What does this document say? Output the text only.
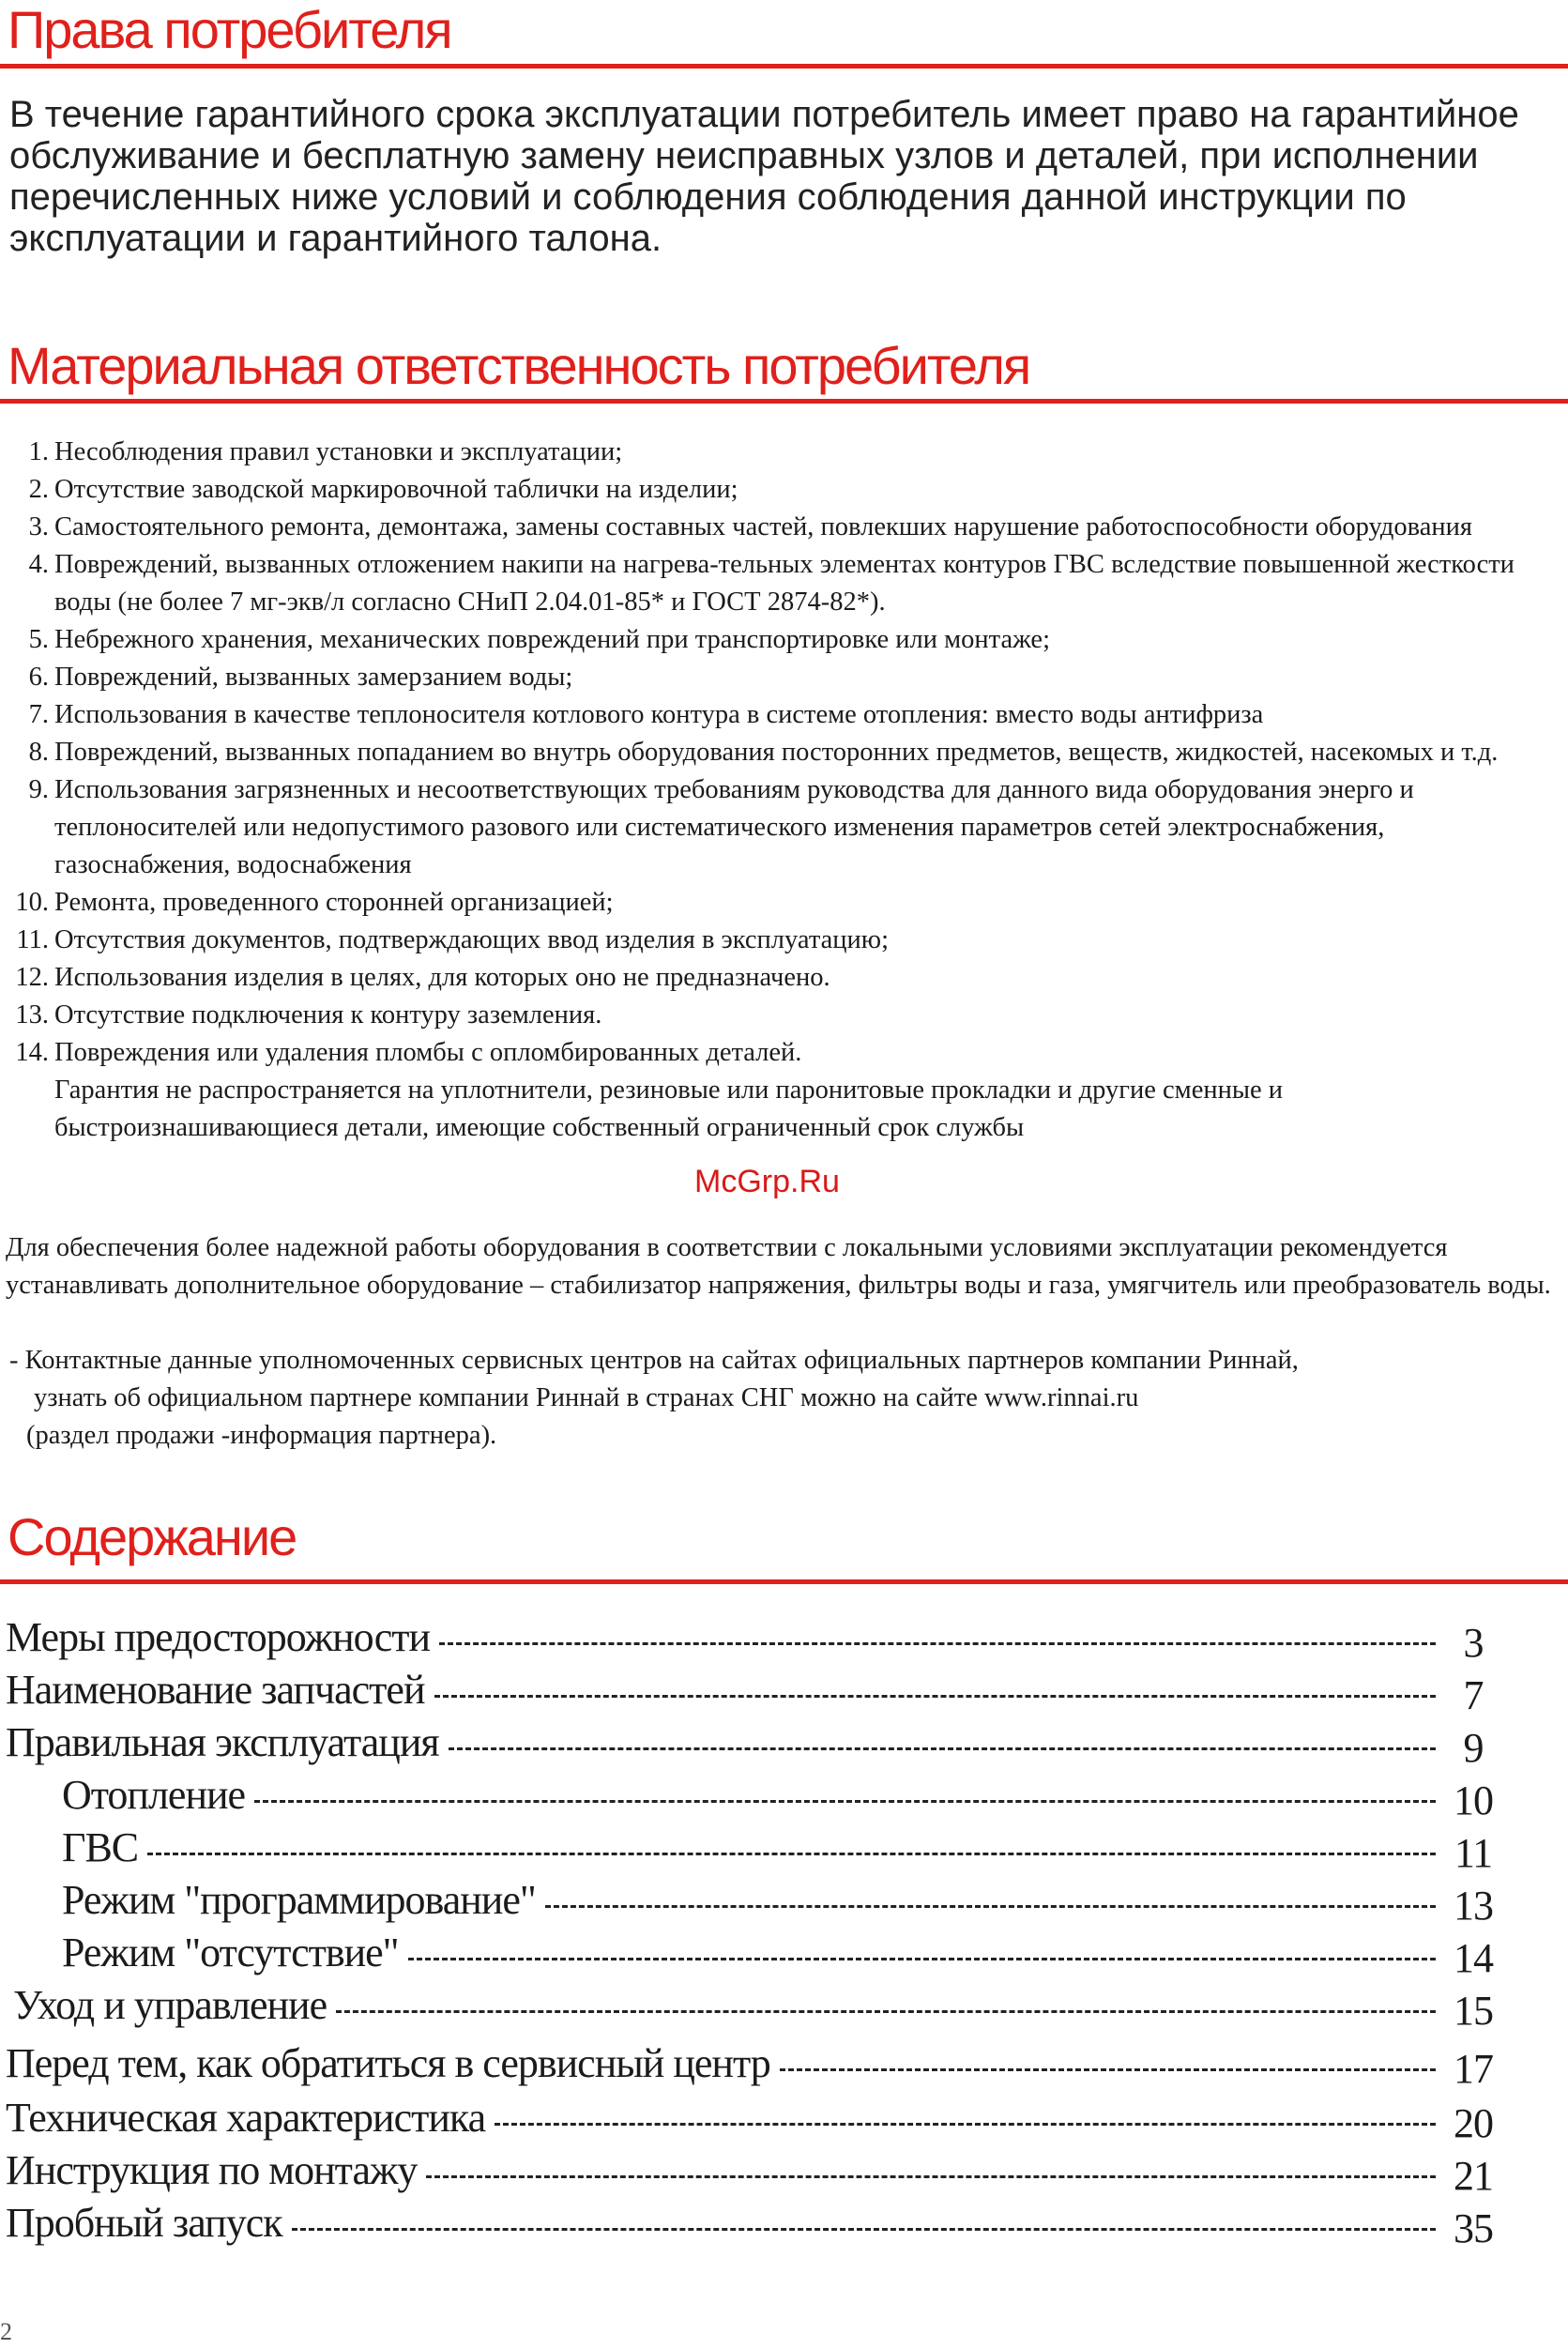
Права потребителя

В течение гарантийного срока эксплуатации потребитель имеет право на гарантийное обслуживание и бесплатную замену неисправных узлов и деталей, при исполнении перечисленных ниже условий и соблюдения соблюдения данной инструкции по эксплуатации и гарантийного талона.

Материальная ответственность потребителя
1. Несоблюдения правил установки и эксплуатации;
2. Отсутствие заводской маркировочной таблички на изделии;
3. Самостоятельного ремонта, демонтажа, замены составных частей, повлекших нарушение работоспособности оборудования
4. Повреждений, вызванных отложением накипи на нагрева-тельных элементах контуров ГВС вследствие повышенной жесткости воды (не более 7 мг-экв/л согласно СНиП 2.04.01-85* и ГОСТ 2874-82*).
5. Небрежного хранения, механических повреждений при транспортировке или монтаже;
6. Повреждений, вызванных замерзанием воды;
7. Использования в качестве теплоносителя котлового контура в системе отопления: вместо воды антифриза
8. Повреждений, вызванных попаданием во внутрь оборудования посторонних предметов, веществ, жидкостей, насекомых и т.д.
9. Использования загрязненных и несоответствующих требованиям руководства для данного вида оборудования энерго и теплоносителей или недопустимого разового или систематического изменения параметров сетей электроснабжения, газоснабжения, водоснабжения
10. Ремонта, проведенного сторонней организацией;
11. Отсутствия документов, подтверждающих ввод изделия в эксплуатацию;
12. Использования изделия в целях, для которых оно не предназначено.
13. Отсутствие подключения к контуру заземления.
14. Повреждения или удаления пломбы с опломбированных деталей.
Гарантия не распространяется на уплотнители, резиновые или паронитовые прокладки и другие сменные и быстроизнашивающиеся детали, имеющие собственный ограниченный срок службы
McGrp.Ru

Для обеспечения более надежной работы оборудования в соответствии с локальными условиями эксплуатации рекомендуется устанавливать дополнительное оборудование – стабилизатор напряжения, фильтры воды и газа, умягчитель или преобразователь воды.

- Контактные данные уполномоченных сервисных центров на сайтах официальных партнеров компании Риннай,
узнать об официальном партнере компании Риннай в странах СНГ можно на сайте www.rinnai.ru
(раздел продажи -информация партнера).
Содержание
Меры предосторожности	3
Наименование запчастей	7
Правильная эксплуатация	9
Отопление	10
ГВС	11
Режим "программирование"	13
Режим "отсутствие"	14
Уход и управление	15
Перед тем, как обратиться в сервисный центр	17
Техническая характеристика	20
Инструкция по монтажу	21
Пробный запуск	35
2
